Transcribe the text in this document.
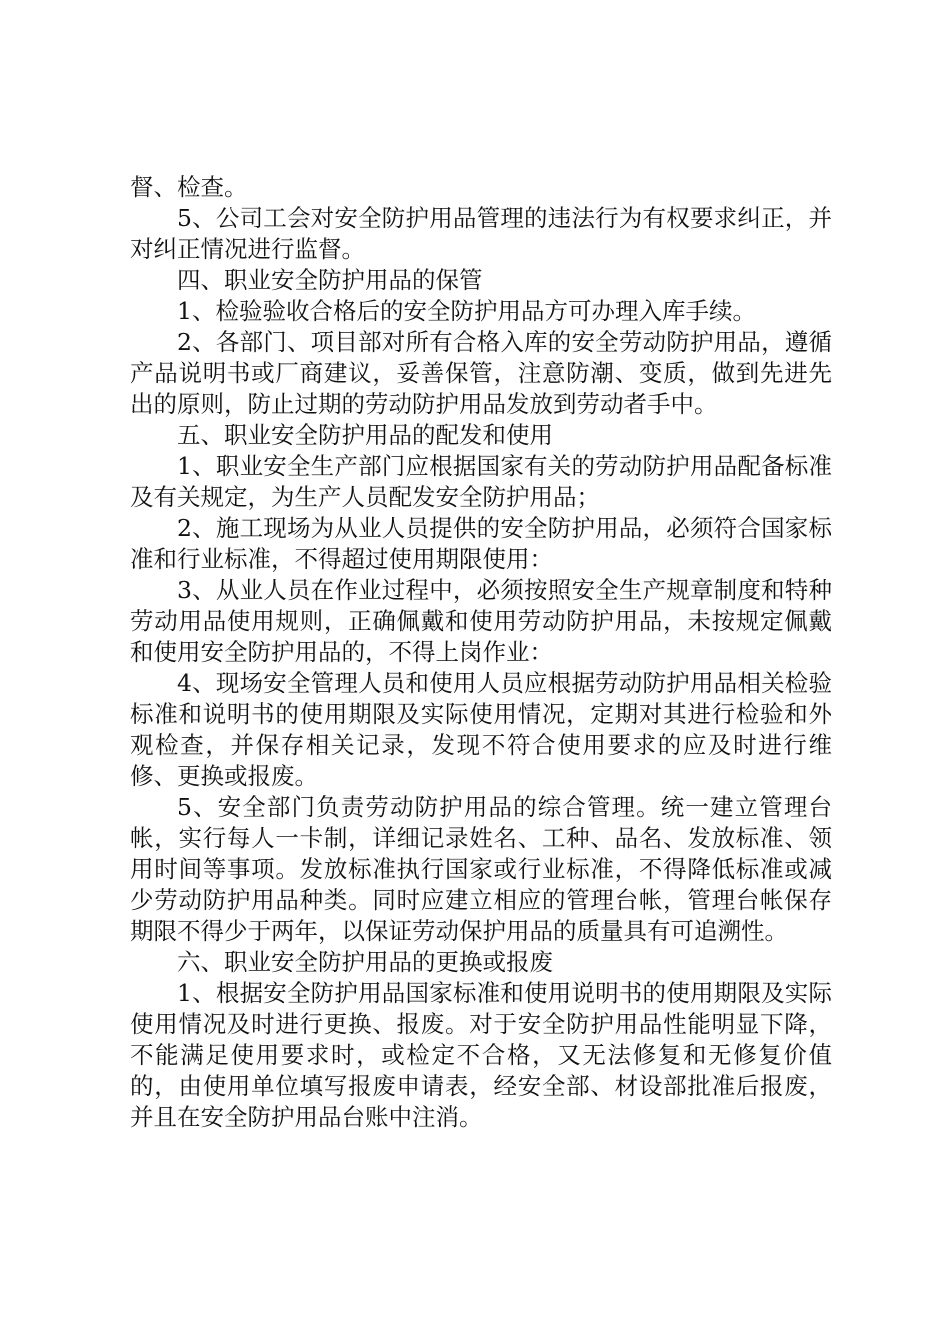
督、检查。

5、公司工会对安全防护用品管理的违法行为有权要求纠正，并对纠正情况进行监督。

四、职业安全防护用品的保管

1、检验验收合格后的安全防护用品方可办理入库手续。

2、各部门、项目部对所有合格入库的安全劳动防护用品，遵循产品说明书或厂商建议，妥善保管，注意防潮、变质，做到先进先出的原则，防止过期的劳动防护用品发放到劳动者手中。

五、职业安全防护用品的配发和使用

1、职业安全生产部门应根据国家有关的劳动防护用品配备标准及有关规定，为生产人员配发安全防护用品；

2、施工现场为从业人员提供的安全防护用品，必须符合国家标准和行业标准，不得超过使用期限使用：

3、从业人员在作业过程中，必须按照安全生产规章制度和特种劳动用品使用规则，正确佩戴和使用劳动防护用品，未按规定佩戴和使用安全防护用品的，不得上岗作业：

4、现场安全管理人员和使用人员应根据劳动防护用品相关检验标准和说明书的使用期限及实际使用情况，定期对其进行检验和外观检查，并保存相关记录，发现不符合使用要求的应及时进行维修、更换或报废。

5、安全部门负责劳动防护用品的综合管理。统一建立管理台帐，实行每人一卡制，详细记录姓名、工种、品名、发放标准、领用时间等事项。发放标准执行国家或行业标准，不得降低标准或减少劳动防护用品种类。同时应建立相应的管理台帐，管理台帐保存期限不得少于两年，以保证劳动保护用品的质量具有可追溯性。

六、职业安全防护用品的更换或报废

1、根据安全防护用品国家标准和使用说明书的使用期限及实际使用情况及时进行更换、报废。对于安全防护用品性能明显下降，不能满足使用要求时，或检定不合格，又无法修复和无修复价值的，由使用单位填写报废申请表，经安全部、材设部批准后报废，并且在安全防护用品台账中注消。
